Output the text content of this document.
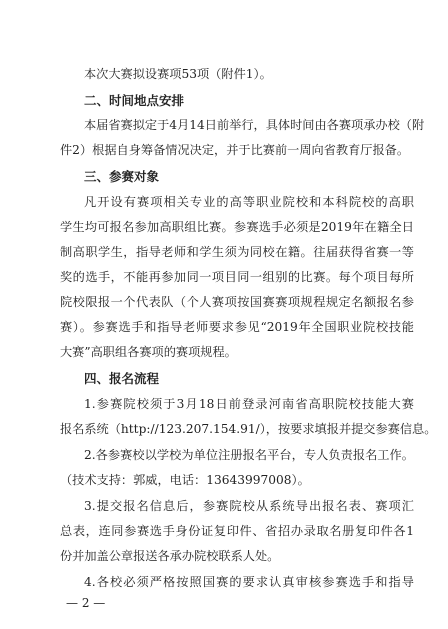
本次大赛拟设赛项53项（附件1）。

二、时间地点安排

本届省赛拟定于4月14日前举行，具体时间由各赛项承办校（附

件2）根据自身筹备情况决定，并于比赛前一周向省教育厅报备。

三、参赛对象

凡开设有赛项相关专业的高等职业院校和本科院校的高职

学生均可报名参加高职组比赛。参赛选手必须是2019年在籍全日

制高职学生，指导老师和学生须为同校在籍。往届获得省赛一等

奖的选手，不能再参加同一项目同一组别的比赛。每个项目每所

院校限报一个代表队（个人赛项按国赛赛项规程规定名额报名参

赛）。参赛选手和指导老师要求参见“2019年全国职业院校技能

大赛”高职组各赛项的赛项规程。

四、报名流程

1.参赛院校须于3月18日前登录河南省高职院校技能大赛

报名系统（http://123.207.154.91/），按要求填报并提交参赛信息。

2.各参赛校以学校为单位注册报名平台，专人负责报名工作。

（技术支持：郭威，电话：13643997008）。

3.提交报名信息后，参赛院校从系统导出报名表、赛项汇

总表，连同参赛选手身份证复印件、省招办录取名册复印件各1

份并加盖公章报送各承办院校联系人处。

4.各校必须严格按照国赛的要求认真审核参赛选手和指导

— 2 —
